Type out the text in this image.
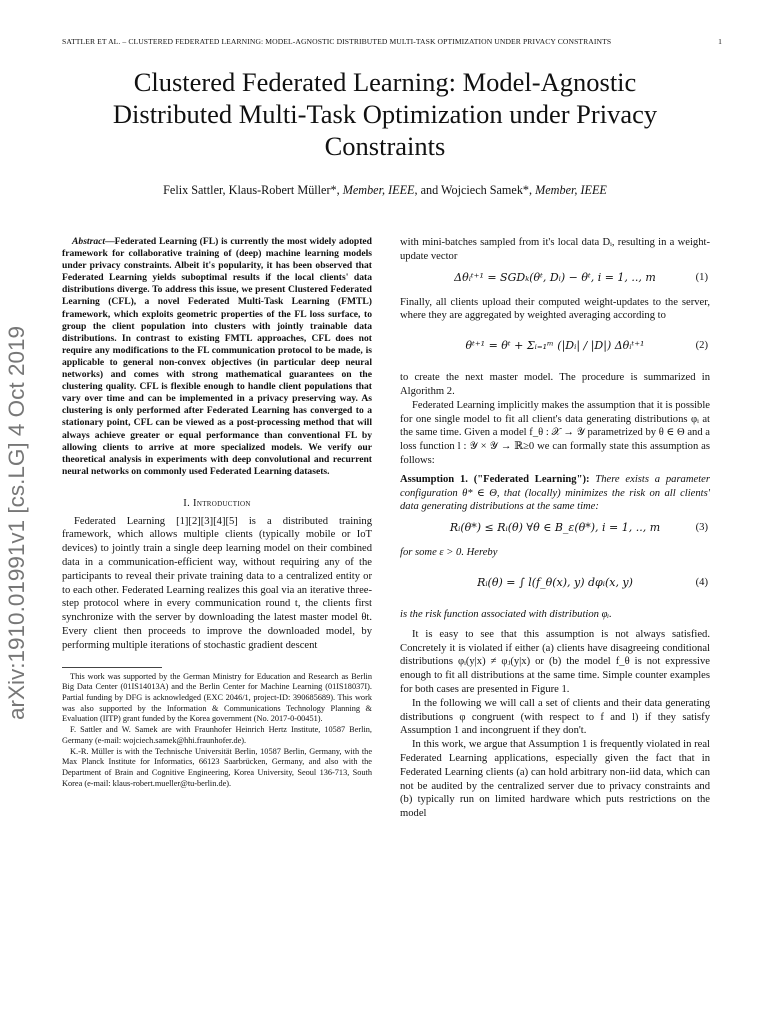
SATTLER ET AL. – CLUSTERED FEDERATED LEARNING: MODEL-AGNOSTIC DISTRIBUTED MULTI-TASK OPTIMIZATION UNDER PRIVACY CONSTRAINTS	1
Clustered Federated Learning: Model-Agnostic
Distributed Multi-Task Optimization under Privacy
Constraints
Felix Sattler, Klaus-Robert Müller*, Member, IEEE, and Wojciech Samek*, Member, IEEE
arXiv:1910.01991v1 [cs.LG] 4 Oct 2019

Abstract—Federated Learning (FL) is currently the most widely adopted framework for collaborative training of (deep) machine learning models under privacy constraints. Albeit it's popularity, it has been observed that Federated Learning yields suboptimal results if the local clients' data distributions diverge. To address this issue, we present Clustered Federated Learning (CFL), a novel Federated Multi-Task Learning (FMTL) framework, which exploits geometric properties of the FL loss surface, to group the client population into clusters with jointly trainable data distributions. In contrast to existing FMTL approaches, CFL does not require any modifications to the FL communication protocol to be made, is applicable to general non-convex objectives (in particular deep neural networks) and comes with strong mathematical guarantees on the clustering quality. CFL is flexible enough to handle client populations that vary over time and can be implemented in a privacy preserving way. As clustering is only performed after Federated Learning has converged to a stationary point, CFL can be viewed as a post-processing method that will always achieve greater or equal performance than conventional FL by allowing clients to arrive at more specialized models. We verify our theoretical analysis in experiments with deep convolutional and recurrent neural networks on commonly used Federated Learning datasets.

I. Introduction

Federated Learning [1][2][3][4][5] is a distributed training framework, which allows multiple clients (typically mobile or IoT devices) to jointly train a single deep learning model on their combined data in a communication-efficient way, without requiring any of the participants to reveal their private training data to a centralized entity or to each other. Federated Learning realizes this goal via an iterative three-step protocol where in every communication round t, the clients first synchronize with the server by downloading the latest master model θt. Every client then proceeds to improve the downloaded model, by performing multiple iterations of stochastic gradient descent

This work was supported by the German Ministry for Education and Research as Berlin Big Data Center (01IS14013A) and the Berlin Center for Machine Learning (01IS18037I). Partial funding by DFG is acknowledged (EXC 2046/1, project-ID: 390685689). This work was also supported by the Information & Communications Technology Planning & Evaluation (IITP) grant funded by the Korea government (No. 2017-0-00451).

F. Sattler and W. Samek are with Fraunhofer Heinrich Hertz Institute, 10587 Berlin, Germany (e-mail: wojciech.samek@hhi.fraunhofer.de).

K.-R. Müller is with the Technische Universität Berlin, 10587 Berlin, Germany, with the Max Planck Institute for Informatics, 66123 Saarbrücken, Germany, and also with the Department of Brain and Cognitive Engineering, Korea University, Seoul 136-713, South Korea (e-mail: klaus-robert.mueller@tu-berlin.de).

with mini-batches sampled from it's local data Dᵢ, resulting in a weight-update vector

Δθᵢᵗ⁺¹ = SGDₖ(θᵗ, Dᵢ) − θᵗ, i = 1, .., m	(1)

Finally, all clients upload their computed weight-updates to the server, where they are aggregated by weighted averaging according to

θᵗ⁺¹ = θᵗ + Σᵢ₌₁ᵐ (|Dᵢ| / |D|) Δθᵢᵗ⁺¹	(2)

to create the next master model. The procedure is summarized in Algorithm 2.

Federated Learning implicitly makes the assumption that it is possible for one single model to fit all client's data generating distributions φᵢ at the same time. Given a model f_θ : 𝒳 → 𝒴 parametrized by θ ∈ Θ and a loss function l : 𝒴 × 𝒴 → ℝ≥0 we can formally state this assumption as follows:

Assumption 1. ("Federated Learning"): There exists a parameter configuration θ* ∈ Θ, that (locally) minimizes the risk on all clients' data generating distributions at the same time:

Rᵢ(θ*) ≤ Rᵢ(θ) ∀θ ∈ B_ε(θ*), i = 1, .., m	(3)

for some ε > 0. Hereby

Rᵢ(θ) = ∫ l(f_θ(x), y) dφᵢ(x, y)	(4)

is the risk function associated with distribution φᵢ.

It is easy to see that this assumption is not always satisfied. Concretely it is violated if either (a) clients have disagreeing conditional distributions φᵢ(y|x) ≠ φⱼ(y|x) or (b) the model f_θ is not expressive enough to fit all distributions at the same time. Simple counter examples for both cases are presented in Figure 1.

In the following we will call a set of clients and their data generating distributions φ congruent (with respect to f and l) if they satisfy Assumption 1 and incongruent if they don't.

In this work, we argue that Assumption 1 is frequently violated in real Federated Learning applications, especially given the fact that in Federated Learning clients (a) can hold arbitrary non-iid data, which can not be audited by the centralized server due to privacy constraints and (b) typically run on limited hardware which puts restrictions on the model
